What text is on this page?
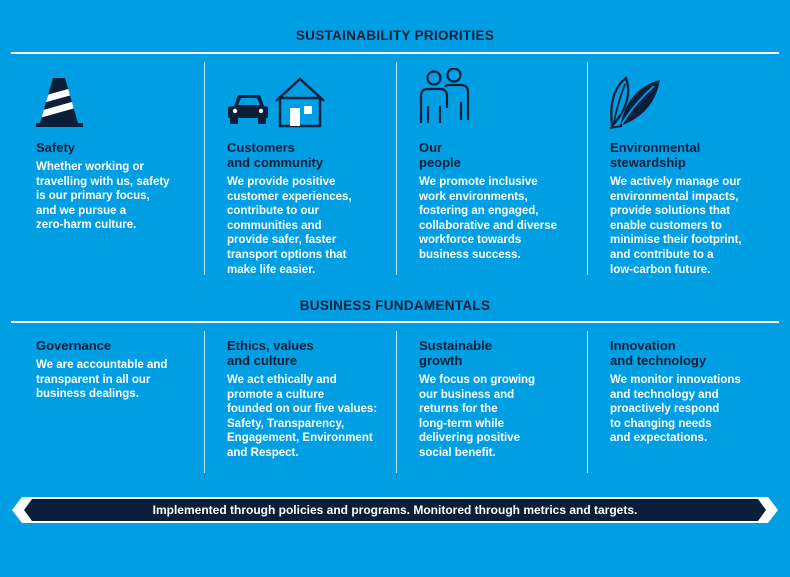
SUSTAINABILITY PRIORITIES

Safety

Whether working or
travelling with us, safety
is our primary focus,
and we pursue a
zero-harm culture.

Customers
and community

We provide positive
customer experiences,
contribute to our
communities and
provide safer, faster
transport options that
make life easier.

Our
people

We promote inclusive
work environments,
fostering an engaged,
collaborative and diverse
workforce towards
business success.

Environmental
stewardship

We actively manage our
environmental impacts,
provide solutions that
enable customers to
minimise their footprint,
and contribute to a
low-carbon future.

BUSINESS FUNDAMENTALS

Governance

We are accountable and
transparent in all our
business dealings.

Ethics, values
and culture

We act ethically and
promote a culture
founded on our five values:
Safety, Transparency,
Engagement, Environment
and Respect.

Sustainable
growth

We focus on growing
our business and
returns for the
long-term while
delivering positive
social benefit.

Innovation
and technology

We monitor innovations
and technology and
proactively respond
to changing needs
and expectations.

Implemented through policies and programs. Monitored through metrics and targets.
